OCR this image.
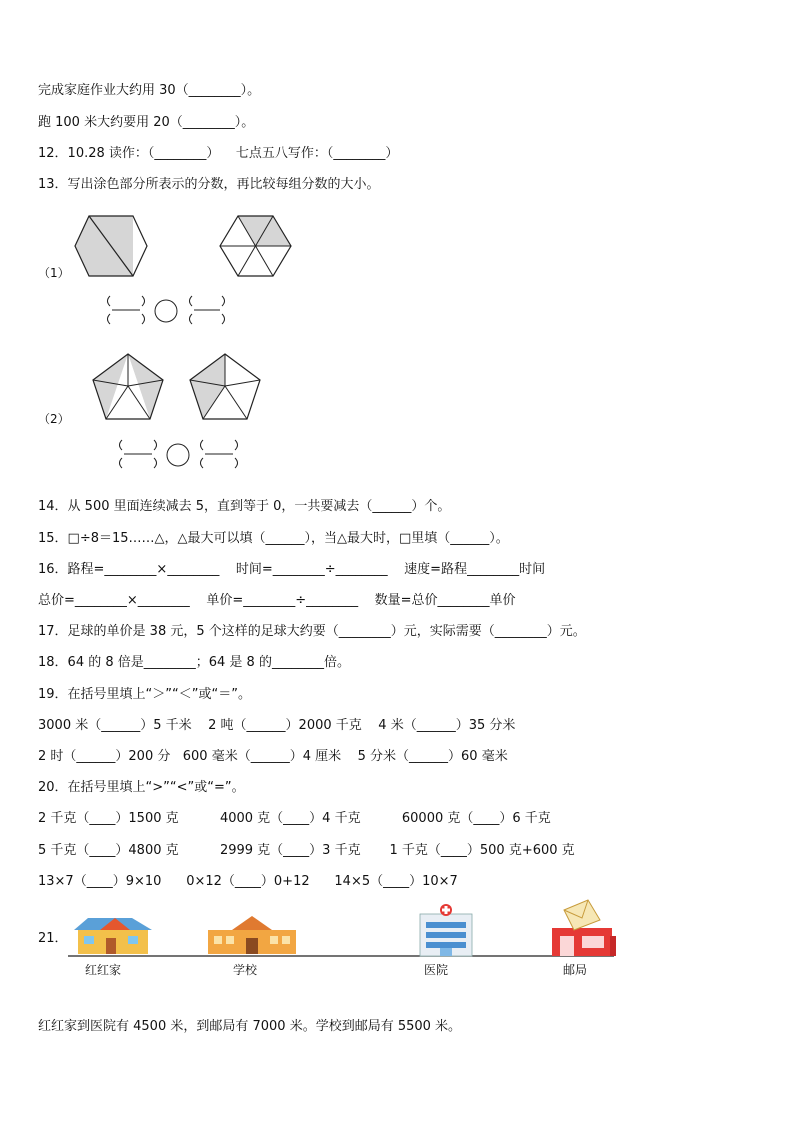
完成家庭作业大约用 30（________）。
跑 100 米大约要用 20（________）。
12．10.28 读作：（________）    七点五八写作：（________）
13．写出涂色部分所表示的分数，再比较每组分数的大小。
（1）
（2）
14．从 500 里面连续减去 5，直到等于 0，一共要减去（______）个。
15．□÷8＝15……△，△最大可以填（______），当△最大时，□里填（______）。
16．路程=________×________    时间=________÷________    速度=路程________时间
总价=________×________    单价=________÷________    数量=总价________单价
17．足球的单价是 38 元，5 个这样的足球大约要（________）元，实际需要（________）元。
18．64 的 8 倍是________；64 是 8 的________倍。
19．在括号里填上“＞”“＜”或“＝”。
3000 米（______）5 千米    2 吨（______）2000 千克    4 米（______）35 分米
2 时（______）200 分   600 毫米（______）4 厘米    5 分米（______）60 毫米
20．在括号里填上“>”“<”或“=”。
2 千克（____）1500 克          4000 克（____）4 千克          60000 克（____）6 千克
5 千克（____）4800 克          2999 克（____）3 千克       1 千克（____）500 克+600 克
13×7（____）9×10      0×12（____）0+12      14×5（____）10×7
21．
红红家	学校	医院	邮局
红红家到医院有 4500 米，到邮局有 7000 米。学校到邮局有 5500 米。
